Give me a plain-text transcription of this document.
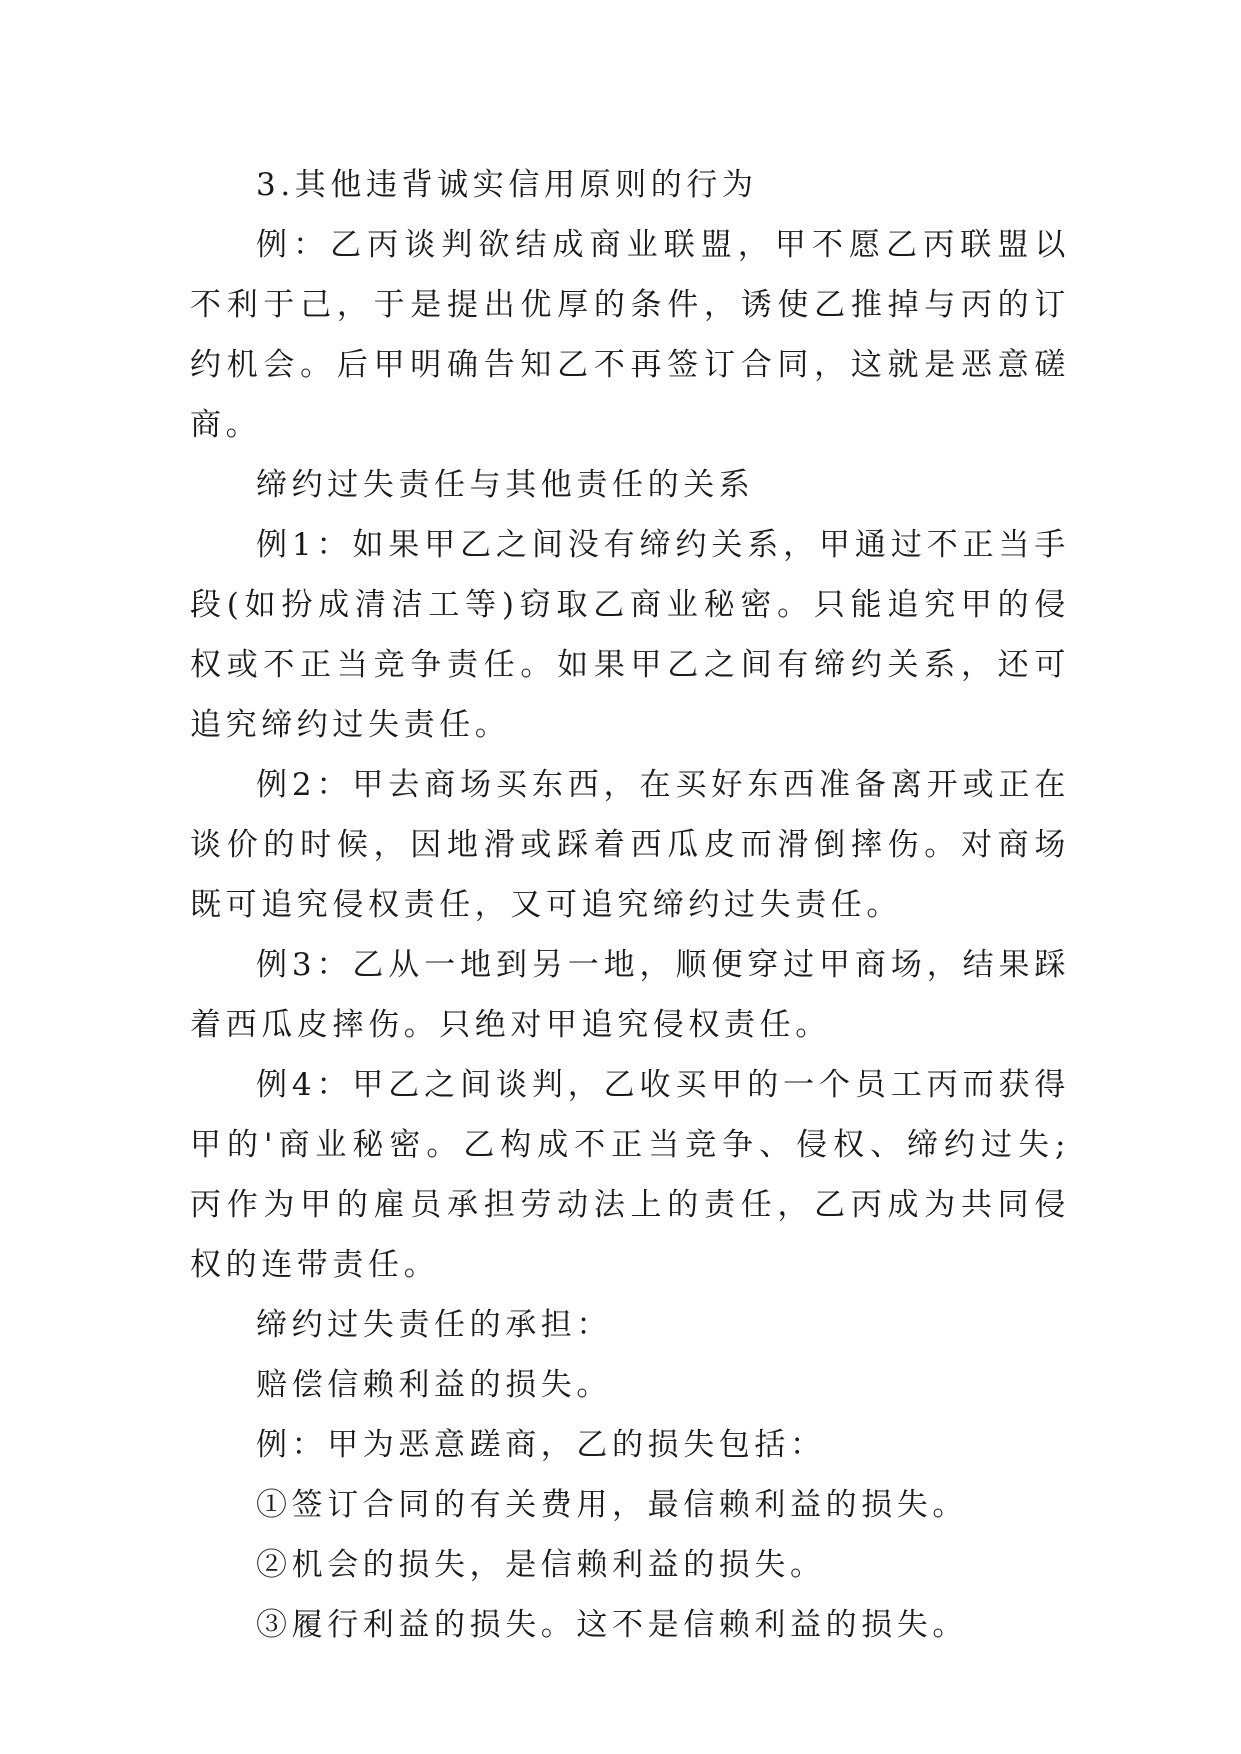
3.其他违背诚实信用原则的行为

例：乙丙谈判欲结成商业联盟，甲不愿乙丙联盟以不利于己，于是提出优厚的条件，诱使乙推掉与丙的订约机会。后甲明确告知乙不再签订合同，这就是恶意磋商。

缔约过失责任与其他责任的关系

例1：如果甲乙之间没有缔约关系，甲通过不正当手段(如扮成清洁工等)窃取乙商业秘密。只能追究甲的侵权或不正当竞争责任。如果甲乙之间有缔约关系，还可追究缔约过失责任。

例2：甲去商场买东西，在买好东西准备离开或正在谈价的时候，因地滑或踩着西瓜皮而滑倒摔伤。对商场既可追究侵权责任，又可追究缔约过失责任。

例3：乙从一地到另一地，顺便穿过甲商场，结果踩着西瓜皮摔伤。只绝对甲追究侵权责任。

例4：甲乙之间谈判，乙收买甲的一个员工丙而获得甲的'商业秘密。乙构成不正当竞争、侵权、缔约过失;丙作为甲的雇员承担劳动法上的责任，乙丙成为共同侵权的连带责任。

缔约过失责任的承担：

赔偿信赖利益的损失。

例：甲为恶意蹉商，乙的损失包括：

①签订合同的有关费用，最信赖利益的损失。

②机会的损失，是信赖利益的损失。

③履行利益的损失。这不是信赖利益的损失。
